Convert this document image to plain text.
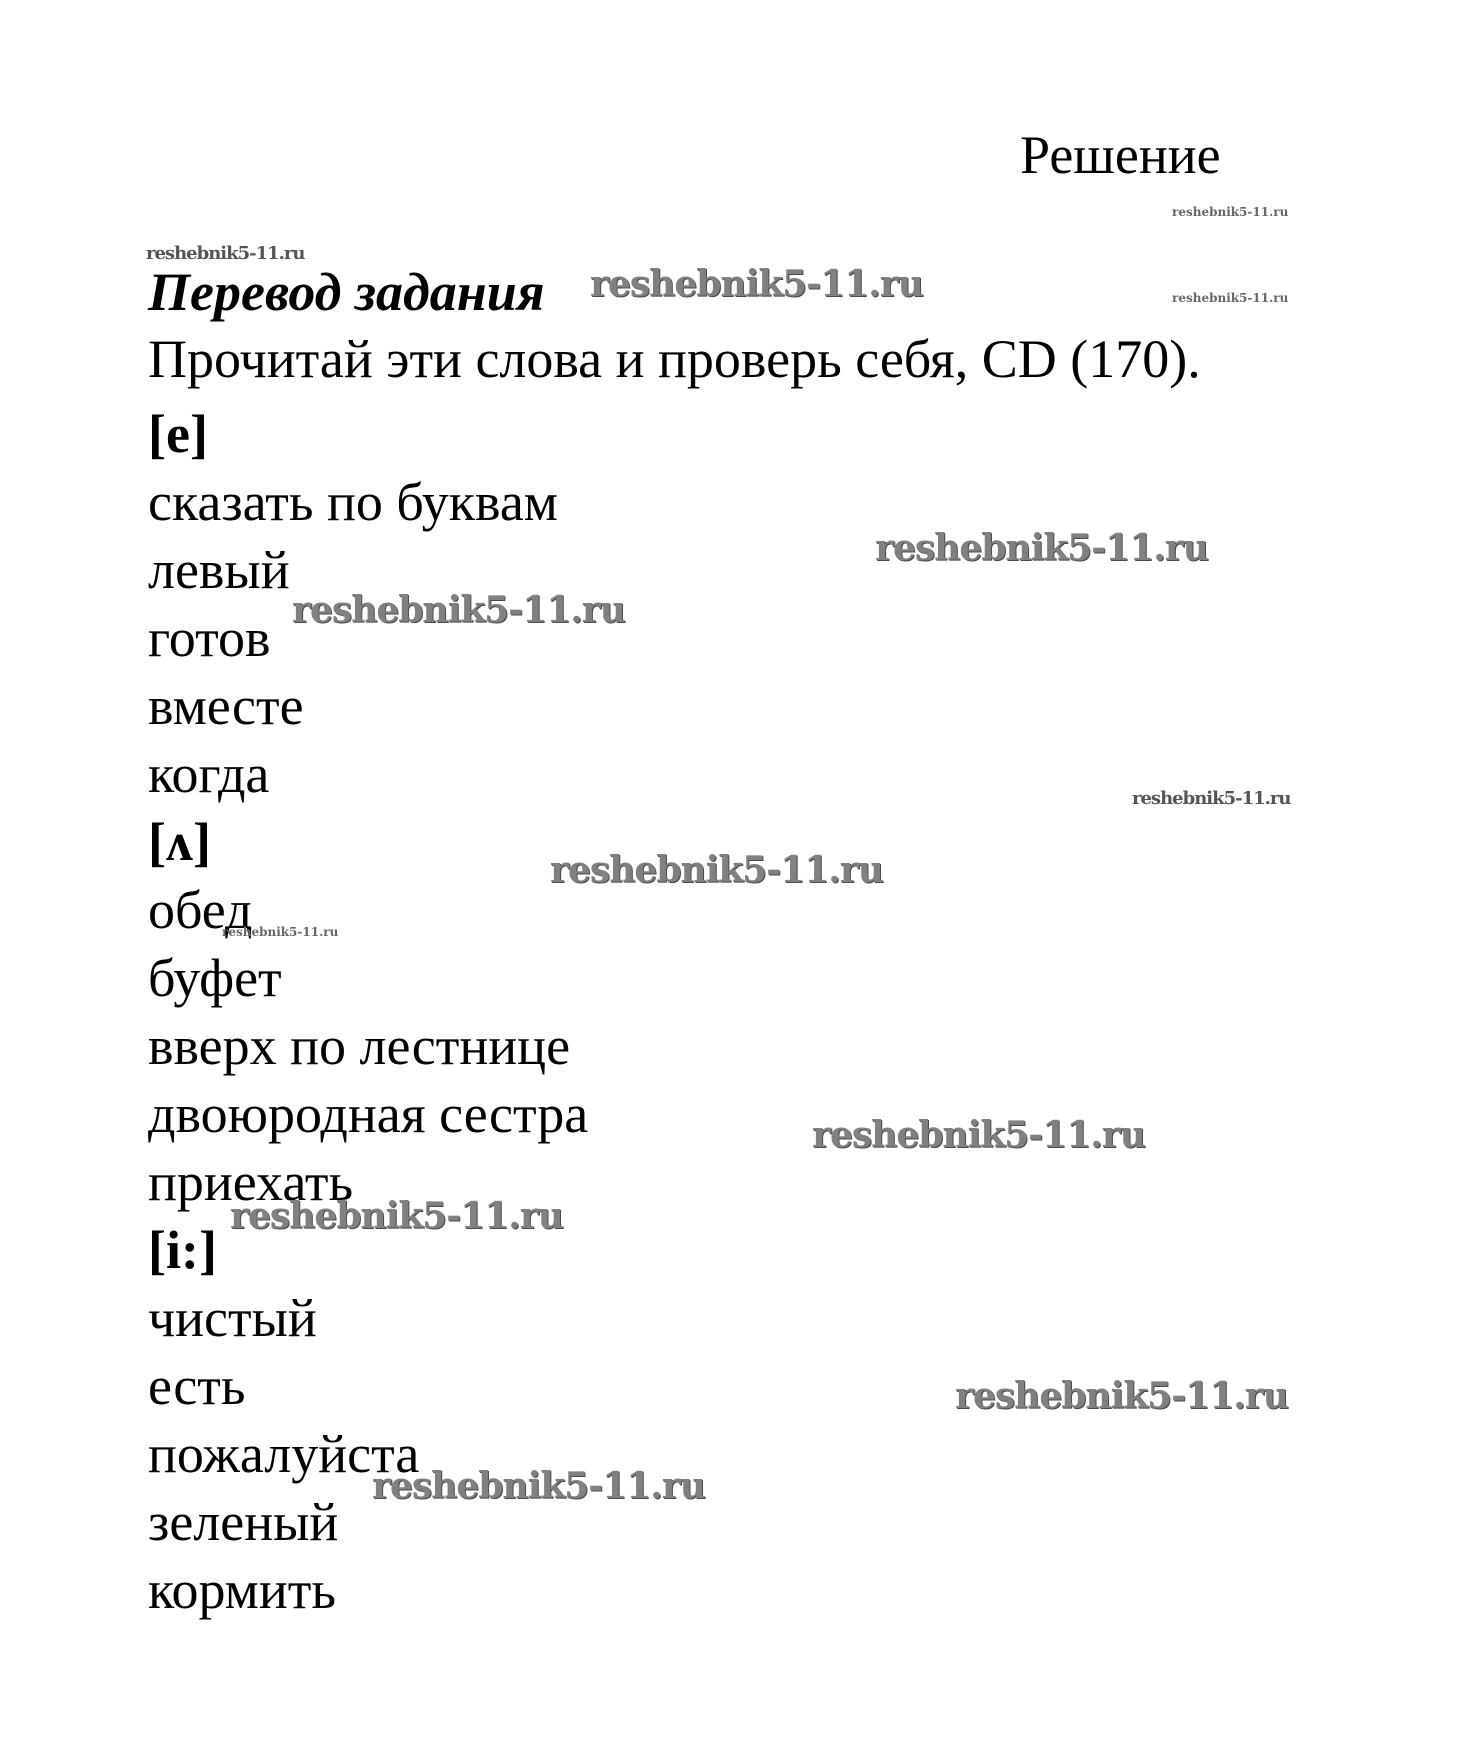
Решение
Перевод задания
Прочитай эти слова и проверь себя, CD (170).
[e]
сказать по буквам
левый
готов
вместе
когда
[ʌ]
обед
буфет
вверх по лестнице
двоюродная сестра
приехать
[i:]
чистый
есть
пожалуйста
зеленый
кормить
reshebnik5-11.ru
reshebnik5-11.ru
reshebnik5-11.ru	reshebnik5-11.ru
reshebnik5-11.ru
reshebnik5-11.ru
reshebnik5-11.ru
reshebnik5-11.ru
reshebnik5-11.ru
reshebnik5-11.ru
reshebnik5-11.ru
reshebnik5-11.ru
reshebnik5-11.ru
